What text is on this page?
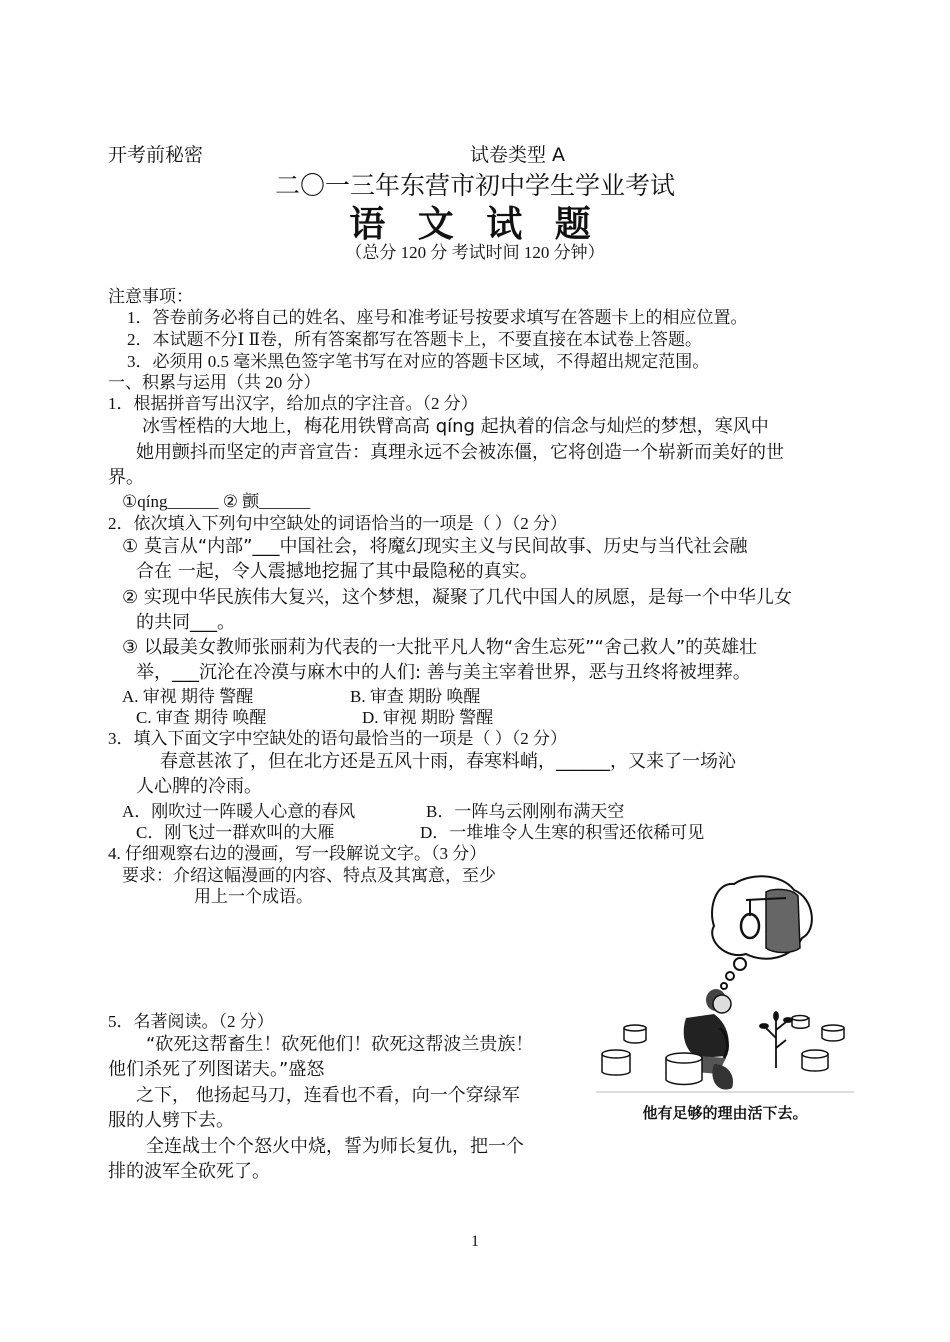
开考前秘密	试卷类型 A
二〇一三年东营市初中学生学业考试
语 文 试 题
（总分 120 分 考试时间 120 分钟）
注意事项：
1．答卷前务必将自己的姓名、座号和准考证号按要求填写在答题卡上的相应位置。
2．本试题不分Ⅰ Ⅱ卷，所有答案都写在答题卡上，不要直接在本试卷上答题。
3．必须用 0.5 毫米黑色签字笔书写在对应的答题卡区域，不得超出规定范围。
一、积累与运用（共 20 分）
1．根据拼音写出汉字，给加点的字注音。（2 分）
冰雪桎梏的大地上，梅花用铁臂高高 qíng 起执着的信念与灿烂的梦想，寒风中
她用颤抖而坚定的声音宣告：真理永远不会被冻僵，它将创造一个崭新而美好的世
界。
①qíng______ ② 颤______
2．依次填入下列句中空缺处的词语恰当的一项是（ ）（2 分）
① 莫言从“内部”___中国社会，将魔幻现实主义与民间故事、历史与当代社会融
合在 一起，令人震撼地挖掘了其中最隐秘的真实。
② 实现中华民族伟大复兴，这个梦想，凝聚了几代中国人的夙愿，是每一个中华儿女
的共同___。
③ 以最美女教师张丽莉为代表的一大批平凡人物“舍生忘死”“舍己救人”的英雄壮
举，___沉沦在冷漠与麻木中的人们: 善与美主宰着世界，恶与丑终将被埋葬。
A. 审视 期待 警醒	B. 审查 期盼 唤醒
C. 审查 期待 唤醒	D. 审视 期盼 警醒
3．填入下面文字中空缺处的语句最恰当的一项是（ ）（2 分）
春意甚浓了，但在北方还是五风十雨，春寒料峭，______，又来了一场沁
人心脾的冷雨。
A．刚吹过一阵暖人心意的春风	B．一阵乌云刚刚布满天空
C．刚飞过一群欢叫的大雁	D．一堆堆令人生寒的积雪还依稀可见
4. 仔细观察右边的漫画，写一段解说文字。（3 分）
要求：介绍这幅漫画的内容、特点及其寓意，至少
用上一个成语。
他有足够的理由活下去。
5．名著阅读。（2 分）
“砍死这帮畜生！砍死他们！砍死这帮波兰贵族！
他们杀死了列图诺夫。”盛怒
之下， 他扬起马刀，连看也不看，向一个穿绿军
服的人劈下去。
全连战士个个怒火中烧，誓为师长复仇，把一个
排的波军全砍死了。
1
